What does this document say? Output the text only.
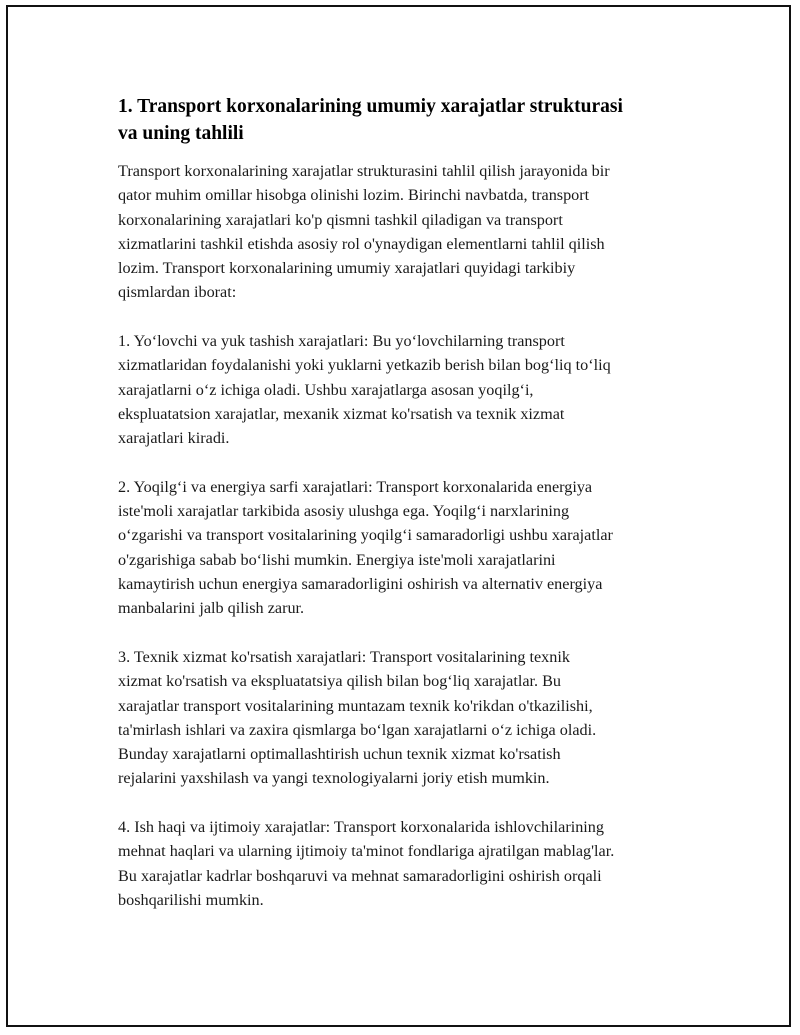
1. Transport korxonalarining umumiy xarajatlar strukturasi
va uning tahlili
Transport korxonalarining xarajatlar strukturasini tahlil qilish jarayonida bir
qator muhim omillar hisobga olinishi lozim. Birinchi navbatda, transport
korxonalarining xarajatlari ko'p qismni tashkil qiladigan va transport
xizmatlarini tashkil etishda asosiy rol o'ynaydigan elementlarni tahlil qilish
lozim. Transport korxonalarining umumiy xarajatlari quyidagi tarkibiy
qismlardan iborat:
1. Yo‘lovchi va yuk tashish xarajatlari: Bu yo‘lovchilarning transport
xizmatlaridan foydalanishi yoki yuklarni yetkazib berish bilan bog‘liq to‘liq
xarajatlarni o‘z ichiga oladi. Ushbu xarajatlarga asosan yoqilg‘i,
ekspluatatsion xarajatlar, mexanik xizmat ko'rsatish va texnik xizmat
xarajatlari kiradi.
2. Yoqilg‘i va energiya sarfi xarajatlari: Transport korxonalarida energiya
iste'moli xarajatlar tarkibida asosiy ulushga ega. Yoqilg‘i narxlarining
o‘zgarishi va transport vositalarining yoqilg‘i samaradorligi ushbu xarajatlar
o'zgarishiga sabab bo‘lishi mumkin. Energiya iste'moli xarajatlarini
kamaytirish uchun energiya samaradorligini oshirish va alternativ energiya
manbalarini jalb qilish zarur.
3. Texnik xizmat ko'rsatish xarajatlari: Transport vositalarining texnik
xizmat ko'rsatish va ekspluatatsiya qilish bilan bog‘liq xarajatlar. Bu
xarajatlar transport vositalarining muntazam texnik ko'rikdan o'tkazilishi,
ta'mirlash ishlari va zaxira qismlarga bo‘lgan xarajatlarni o‘z ichiga oladi.
Bunday xarajatlarni optimallashtirish uchun texnik xizmat ko'rsatish
rejalarini yaxshilash va yangi texnologiyalarni joriy etish mumkin.
4. Ish haqi va ijtimoiy xarajatlar: Transport korxonalarida ishlovchilarining
mehnat haqlari va ularning ijtimoiy ta'minot fondlariga ajratilgan mablag'lar.
Bu xarajatlar kadrlar boshqaruvi va mehnat samaradorligini oshirish orqali
boshqarilishi mumkin.
